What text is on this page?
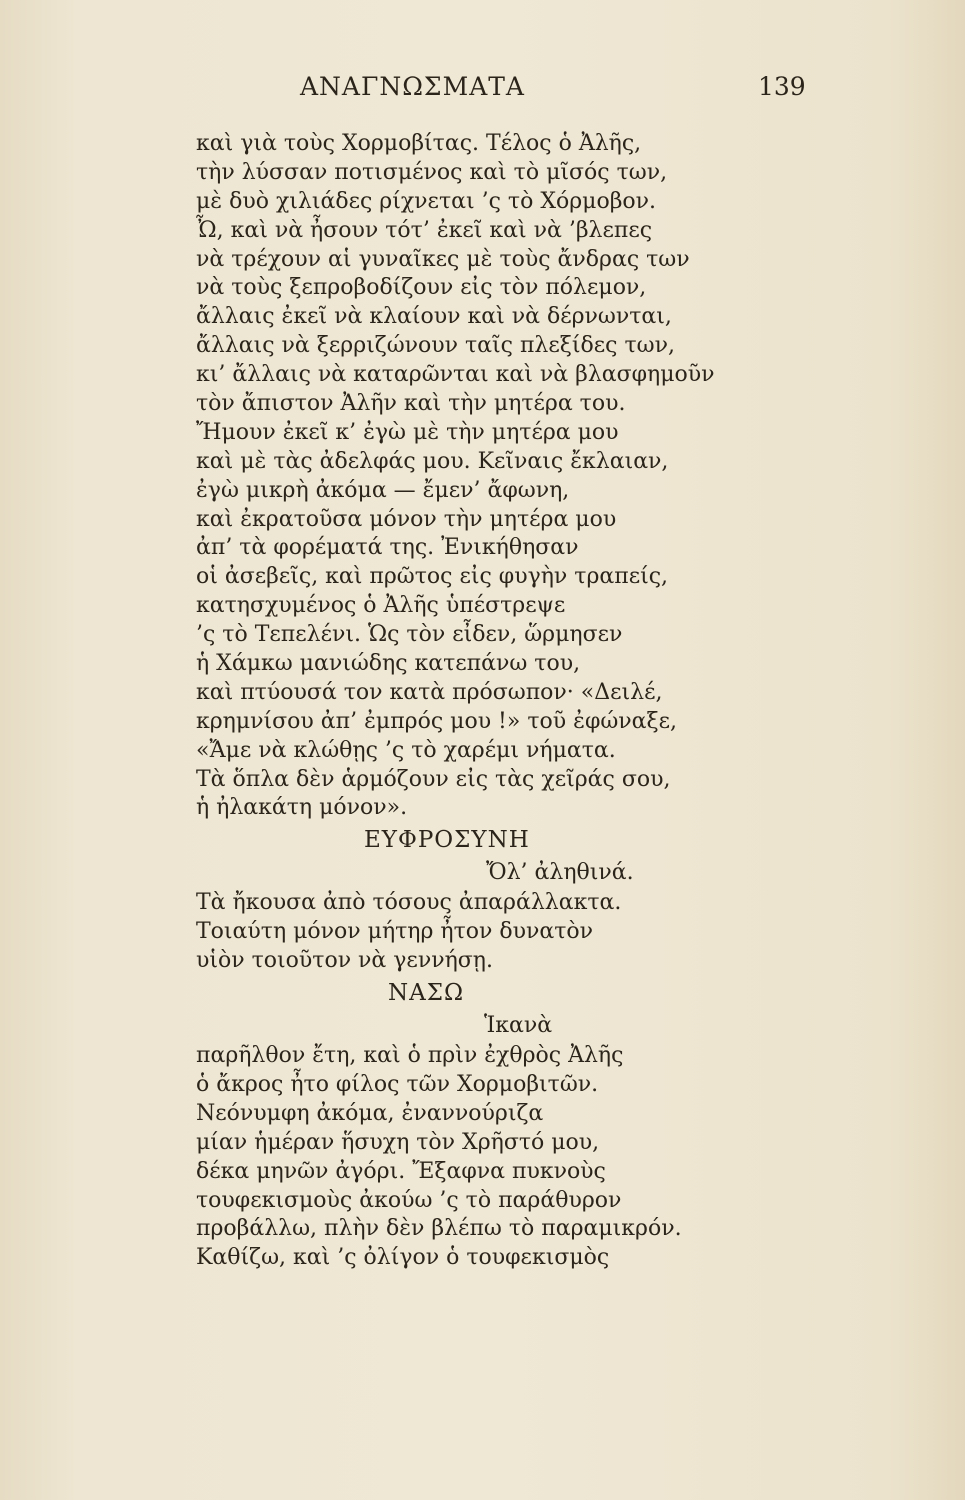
ΑΝΑΓΝΩΣΜΑΤΑ	139
καὶ γιὰ τοὺς Χορμοβίτας. Τέλος ὁ Ἀλῆς,
τὴν λύσσαν ποτισμένος καὶ τὸ μῖσός των,
μὲ δυὸ χιλιάδες ρίχνεται ’ς τὸ Χόρμοβον.
Ὦ, καὶ νὰ ἦσουν τότ’ ἐκεῖ καὶ νὰ ’βλεπες
νὰ τρέχουν αἱ γυναῖκες μὲ τοὺς ἄνδρας των
νὰ τοὺς ξεπροβοδίζουν εἰς τὸν πόλεμον,
ἄλλαις ἐκεῖ νὰ κλαίουν καὶ νὰ δέρνωνται,
ἄλλαις νὰ ξερριζώνουν ταῖς πλεξίδες των,
κι’ ἄλλαις νὰ καταρῶνται καὶ νὰ βλασφημοῦν
τὸν ἄπιστον Ἀλῆν καὶ τὴν μητέρα του.
Ἤμουν ἐκεῖ κ’ ἐγὼ μὲ τὴν μητέρα μου
καὶ μὲ τὰς ἀδελφάς μου. Κεῖναις ἔκλαιαν,
ἐγὼ μικρὴ ἀκόμα — ἔμεν’ ἄφωνη,
καὶ ἐκρατοῦσα μόνον τὴν μητέρα μου
ἀπ’ τὰ φορέματά της. Ἐνικήθησαν
οἱ ἀσεβεῖς, καὶ πρῶτος εἰς φυγὴν τραπείς,
κατησχυμένος ὁ Ἀλῆς ὑπέστρεψε
’ς τὸ Τεπελένι. Ὡς τὸν εἶδεν, ὥρμησεν
ἡ Χάμκω μανιώδης κατεπάνω του,
καὶ πτύουσά τον κατὰ πρόσωπον· «Δειλέ,
κρημνίσου ἀπ’ ἐμπρός μου !» τοῦ ἐφώναξε,
«Ἄμε νὰ κλώθῃς ’ς τὸ χαρέμι νήματα.
Τὰ ὅπλα δὲν ἁρμόζουν εἰς τὰς χεῖράς σου,
ἡ ἠλακάτη μόνον».
ΕΥΦΡΟΣΥΝΗ
Ὄλ’ ἀληθινά.
Τὰ ἤκουσα ἀπὸ τόσους ἀπαράλλακτα.
Τοιαύτη μόνον μήτηρ ἦτον δυνατὸν
υἱὸν τοιοῦτον νὰ γεννήσῃ.
ΝΑΣΩ
Ἱκανὰ
παρῆλθον ἔτη, καὶ ὁ πρὶν ἐχθρὸς Ἀλῆς
ὁ ἄκρος ἦτο φίλος τῶν Χορμοβιτῶν.
Νεόνυμφη ἀκόμα, ἐναννούριζα
μίαν ἡμέραν ἥσυχη τὸν Χρῆστό μου,
δέκα μηνῶν ἀγόρι. Ἔξαφνα πυκνοὺς
τουφεκισμοὺς ἀκούω ’ς τὸ παράθυρον
προβάλλω, πλὴν δὲν βλέπω τὸ παραμικρόν.
Καθίζω, καὶ ’ς ὀλίγον ὁ τουφεκισμὸς
